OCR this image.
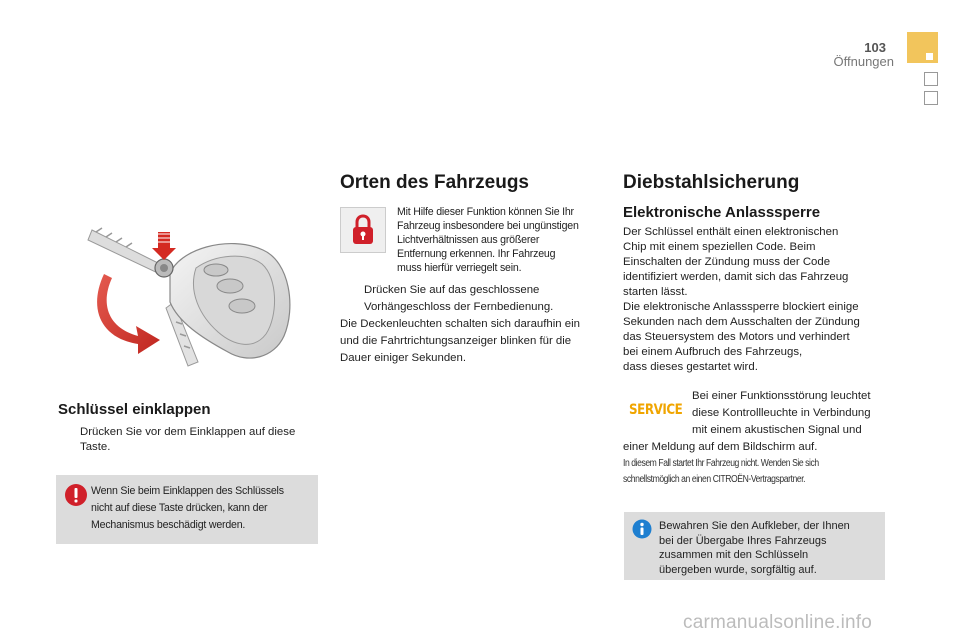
103
Öffnungen
Schlüssel einklappen

Drücken Sie vor dem Einklappen auf diese

Taste.

Wenn Sie beim Einklappen des Schlüssels

nicht auf diese Taste drücken, kann der

Mechanismus beschädigt werden.

Orten des Fahrzeugs

Mit Hilfe dieser Funktion können Sie Ihr

Fahrzeug insbesondere bei ungünstigen

Lichtverhältnissen aus größerer

Entfernung erkennen. Ihr Fahrzeug

muss hierfür verriegelt sein.

Drücken Sie auf das geschlossene

Vorhängeschloss der Fernbedienung.

Die Deckenleuchten schalten sich daraufhin ein

und die Fahrtrichtungsanzeiger blinken für die

Dauer einiger Sekunden.

Diebstahlsicherung
Elektronische Anlasssperre

Der Schlüssel enthält einen elektronischen

Chip mit einem speziellen Code. Beim

Einschalten der Zündung muss der Code

identifiziert werden, damit sich das Fahrzeug

starten lässt.

Die elektronische Anlasssperre blockiert einige

Sekunden nach dem Ausschalten der Zündung

das Steuersystem des Motors und verhindert

bei einem Aufbruch des Fahrzeugs,

dass dieses gestartet wird.

SERVICE

Bei einer Funktionsstörung leuchtet

diese Kontrollleuchte in Verbindung

mit einem akustischen Signal und

einer Meldung auf dem Bildschirm auf.

In diesem Fall startet Ihr Fahrzeug nicht. Wenden Sie sich

schnellstmöglich an einen CITROËN-Vertragspartner.

Bewahren Sie den Aufkleber, der Ihnen

bei der Übergabe Ihres Fahrzeugs

zusammen mit den Schlüsseln

übergeben wurde, sorgfältig auf.

carmanualsonline.info
